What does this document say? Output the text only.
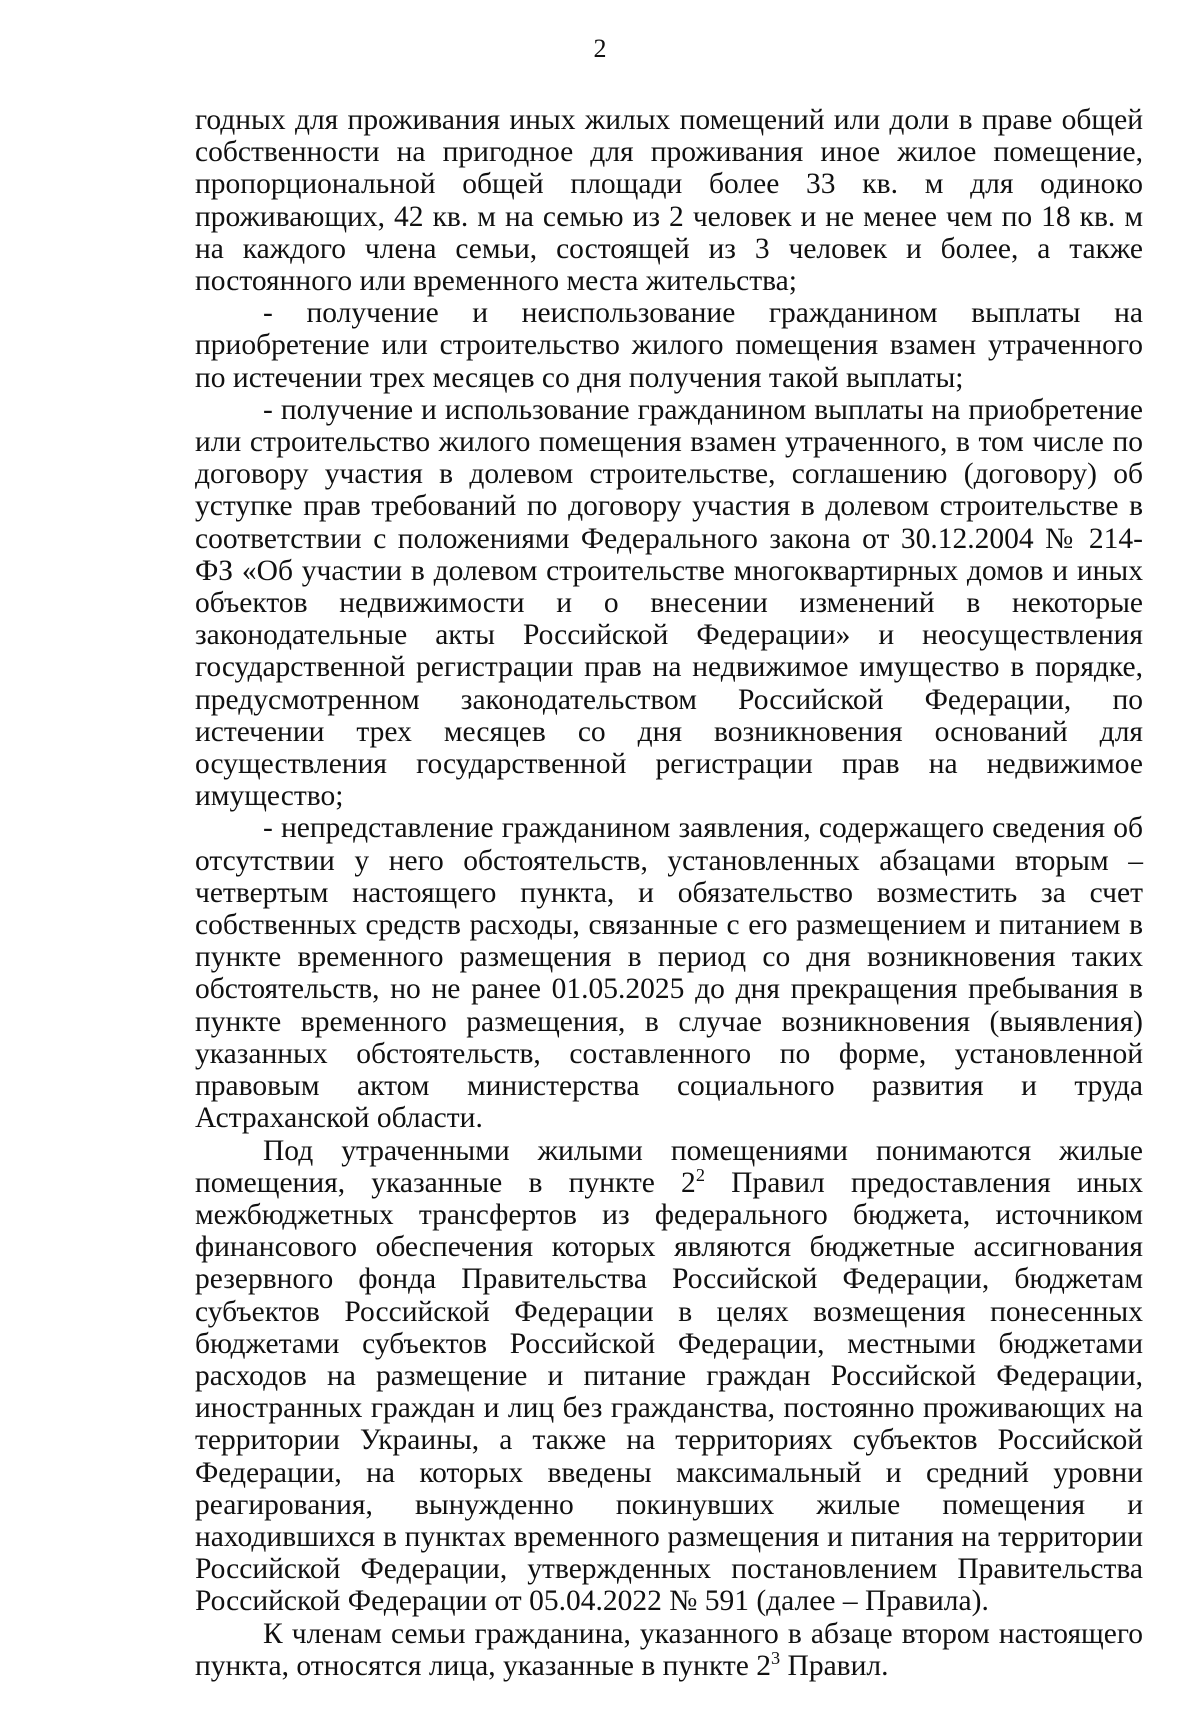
2

годных для проживания иных жилых помещений или доли в праве общей собственности на пригодное для проживания иное жилое помещение, пропорциональной общей площади более 33 кв. м для одиноко проживающих, 42 кв. м на семью из 2 человек и не менее чем по 18 кв. м на каждого члена семьи, состоящей из 3 человек и более, а также постоянного или временного места жительства;

- получение и неиспользование гражданином выплаты на приобретение или строительство жилого помещения взамен утраченного по истечении трех месяцев со дня получения такой выплаты;

- получение и использование гражданином выплаты на приобретение или строительство жилого помещения взамен утраченного, в том числе по договору участия в долевом строительстве, соглашению (договору) об уступке прав требований по договору участия в долевом строительстве в соответствии с положениями Федерального закона от 30.12.2004 № 214-ФЗ «Об участии в долевом строительстве многоквартирных домов и иных объектов недвижимости и о внесении изменений в некоторые законодательные акты Российской Федерации» и неосуществления государственной регистрации прав на недвижимое имущество в порядке, предусмотренном законодательством Российской Федерации, по истечении трех месяцев со дня возникновения оснований для осуществления государственной регистрации прав на недвижимое имущество;

- непредставление гражданином заявления, содержащего сведения об отсутствии у него обстоятельств, установленных абзацами вторым – четвертым настоящего пункта, и обязательство возместить за счет собственных средств расходы, связанные с его размещением и питанием в пункте временного размещения в период со дня возникновения таких обстоятельств, но не ранее 01.05.2025 до дня прекращения пребывания в пункте временного размещения, в случае возникновения (выявления) указанных обстоятельств, составленного по форме, установленной правовым актом министерства социального развития и труда Астраханской области.

Под утраченными жилыми помещениями понимаются жилые помещения, указанные в пункте $2^2$ Правил предоставления иных межбюджетных трансфертов из федерального бюджета, источником финансового обеспечения которых являются бюджетные ассигнования резервного фонда Правительства Российской Федерации, бюджетам субъектов Российской Федерации в целях возмещения понесенных бюджетами субъектов Российской Федерации, местными бюджетами расходов на размещение и питание граждан Российской Федерации, иностранных граждан и лиц без гражданства, постоянно проживающих на территории Украины, а также на территориях субъектов Российской Федерации, на которых введены максимальный и средний уровни реагирования, вынужденно покинувших жилые помещения и находившихся в пунктах временного размещения и питания на территории Российской Федерации, утвержденных постановлением Правительства Российской Федерации от 05.04.2022 № 591 (далее – Правила).

К членам семьи гражданина, указанного в абзаце втором настоящего пункта, относятся лица, указанные в пункте $2^3$ Правил.
